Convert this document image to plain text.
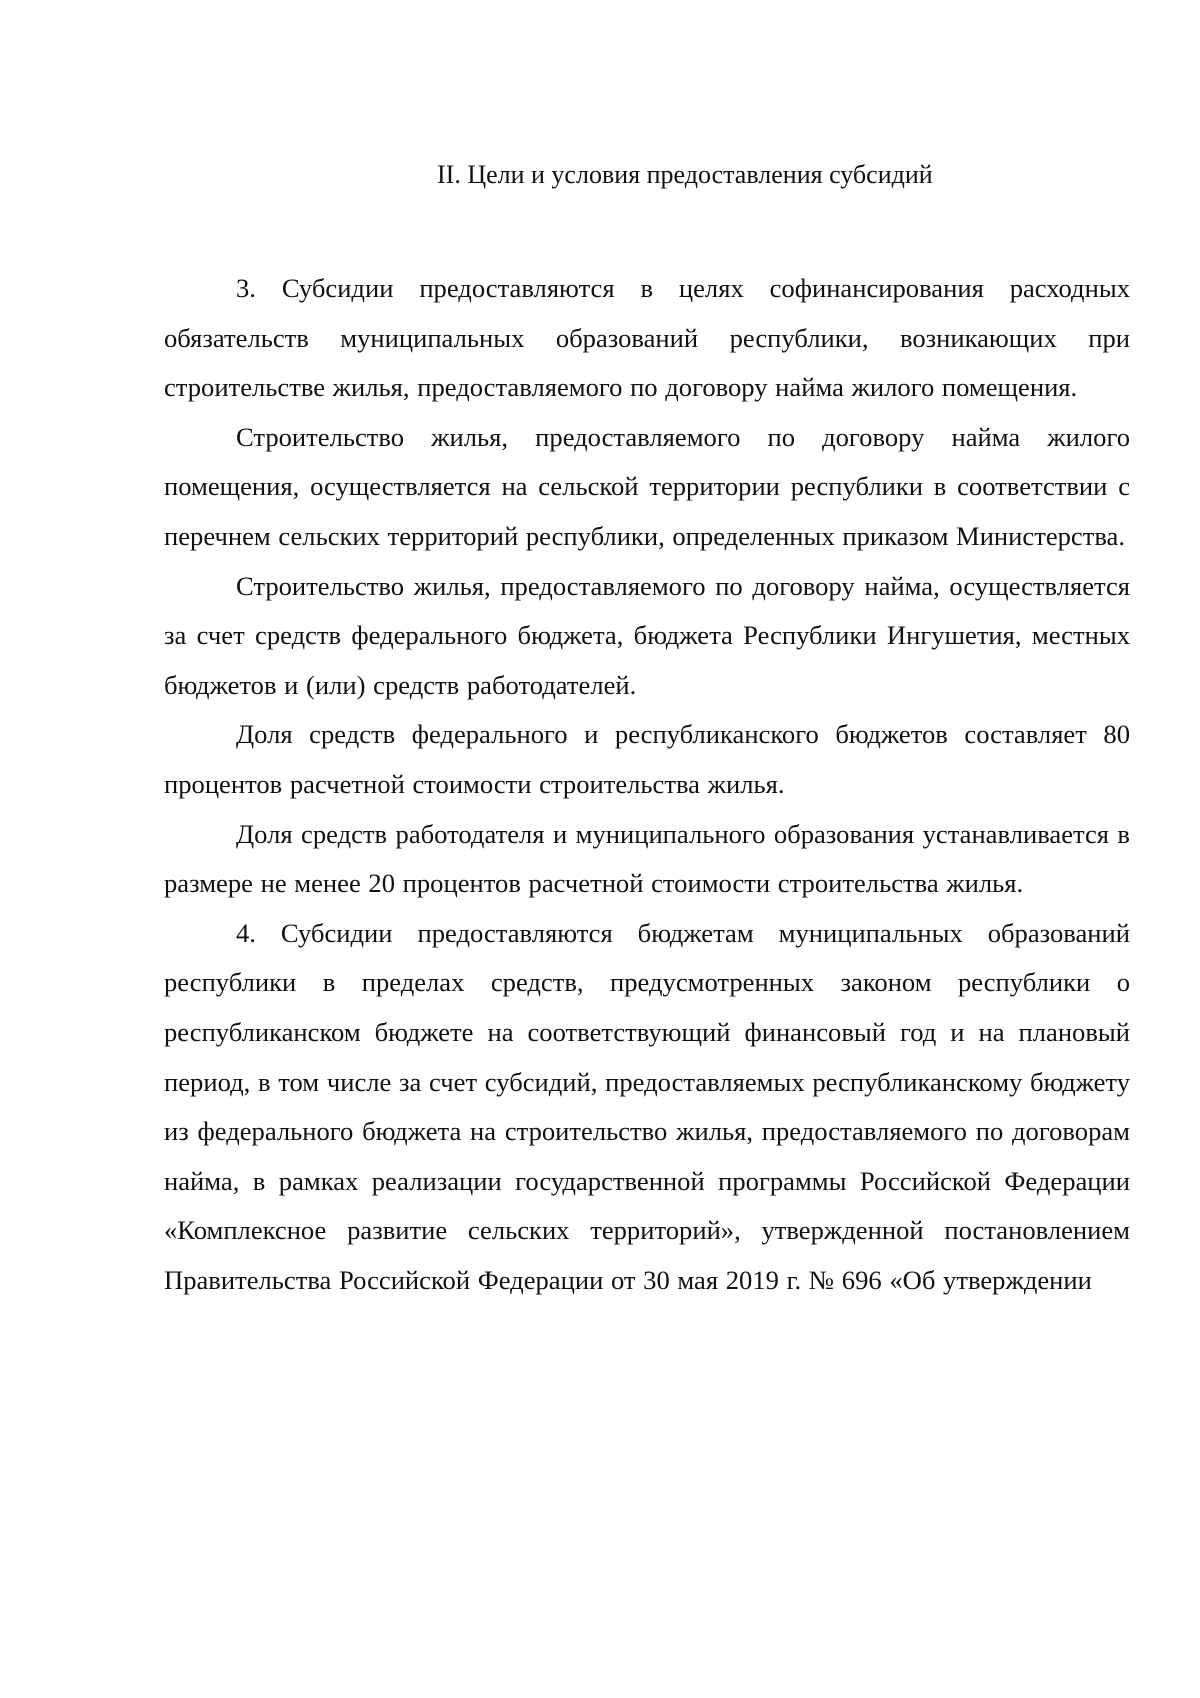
II. Цели и условия предоставления субсидий

3. Субсидии предоставляются в целях софинансирования расходных обязательств муниципальных образований республики, возникающих при строительстве жилья, предоставляемого по договору найма жилого помещения.

Строительство жилья, предоставляемого по договору найма жилого помещения, осуществляется на сельской территории республики в соответствии с перечнем сельских территорий республики, определенных приказом Министерства.

Строительство жилья, предоставляемого по договору найма, осуществляется за счет средств федерального бюджета, бюджета Республики Ингушетия, местных бюджетов и (или) средств работодателей.

Доля средств федерального и республиканского бюджетов составляет 80 процентов расчетной стоимости строительства жилья.

Доля средств работодателя и муниципального образования устанавливается в размере не менее 20 процентов расчетной стоимости строительства жилья.

4. Субсидии предоставляются бюджетам муниципальных образований республики в пределах средств, предусмотренных законом республики о республиканском бюджете на соответствующий финансовый год и на плановый период, в том числе за счет субсидий, предоставляемых республиканскому бюджету из федерального бюджета на строительство жилья, предоставляемого по договорам найма, в рамках реализации государственной программы Российской Федерации «Комплексное развитие сельских территорий», утвержденной постановлением Правительства Российской Федерации от 30 мая 2019 г. № 696 «Об утверждении
